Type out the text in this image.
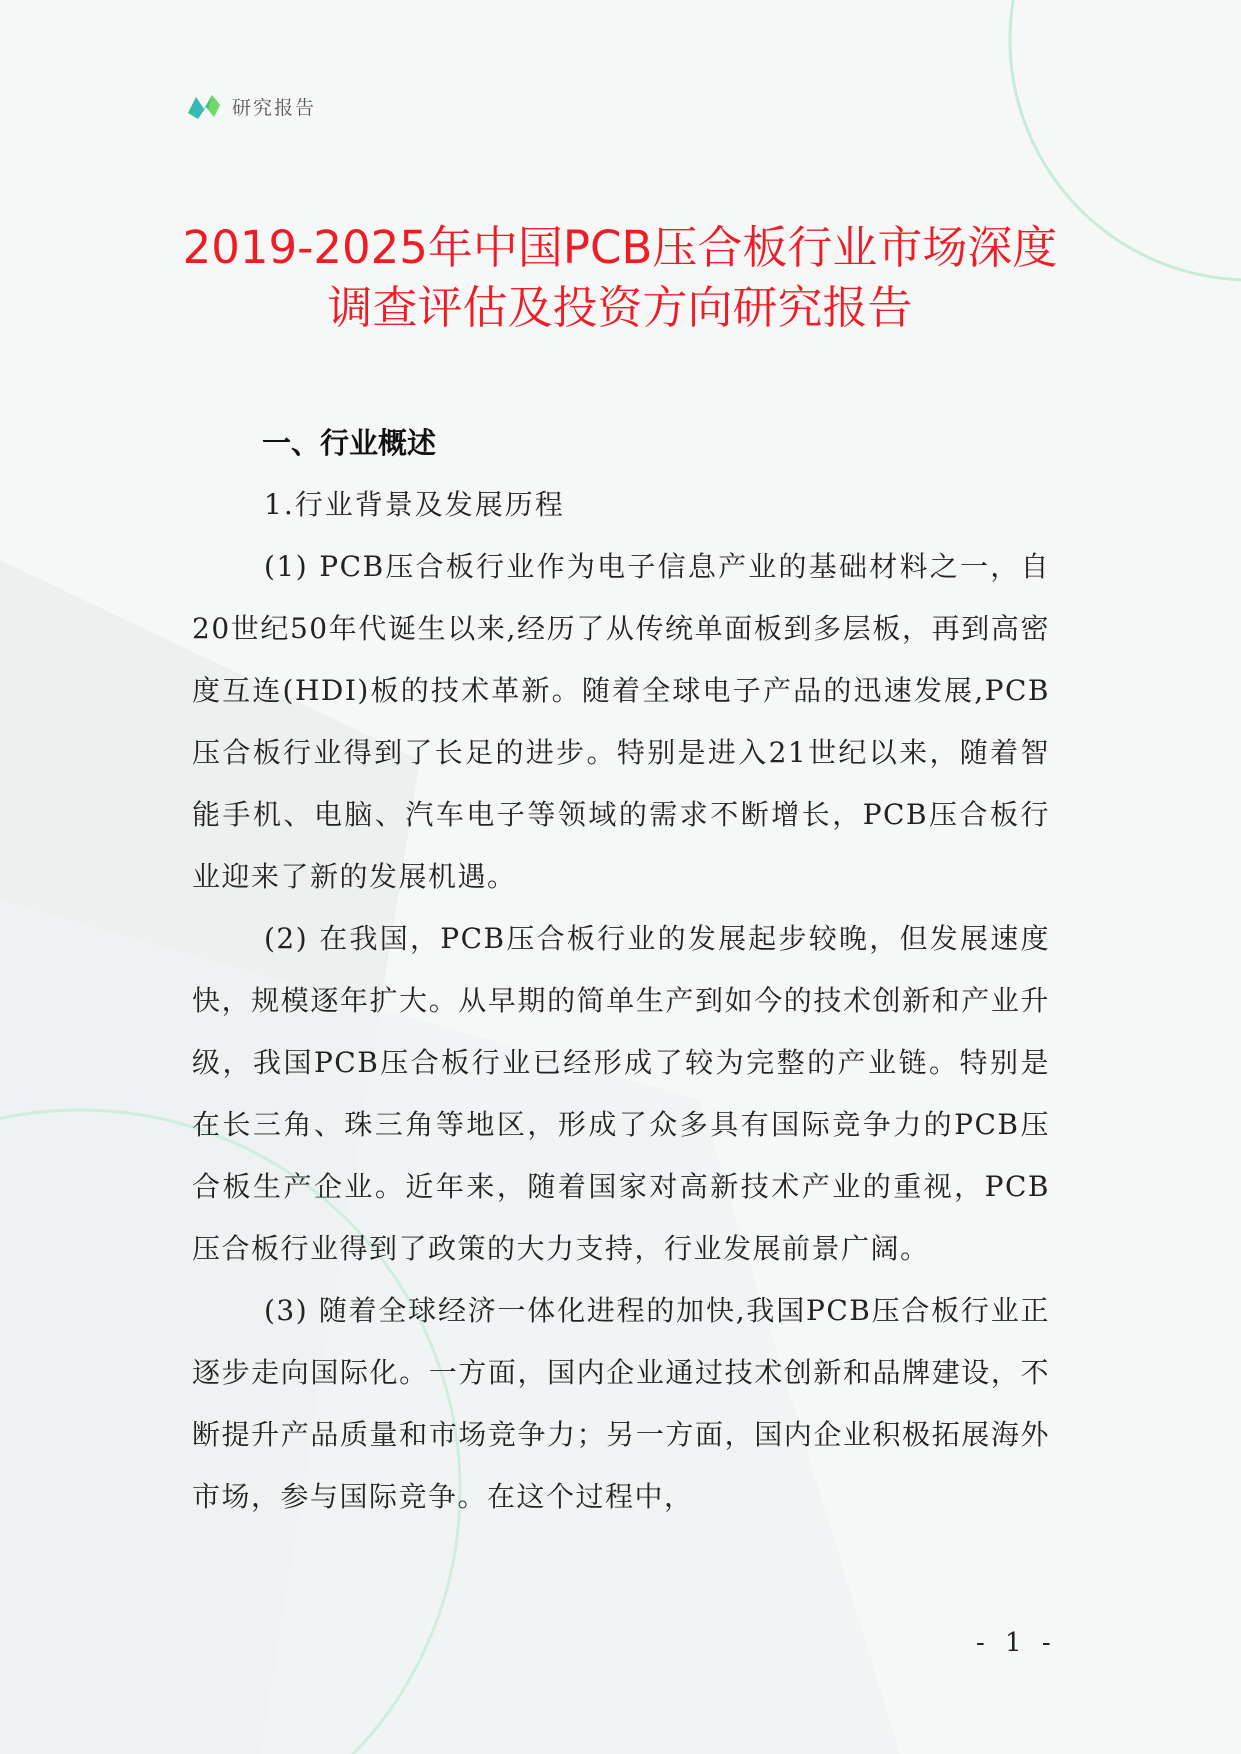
研究报告
2019-2025年中国PCB压合板行业市场深度
调查评估及投资方向研究报告
一、行业概述
1.行业背景及发展历程

(1) PCB压合板行业作为电子信息产业的基础材料之一，自20世纪50年代诞生以来,经历了从传统单面板到多层板，再到高密度互连(HDI)板的技术革新。随着全球电子产品的迅速发展,PCB压合板行业得到了长足的进步。特别是进入21世纪以来，随着智能手机、电脑、汽车电子等领域的需求不断增长，PCB压合板行业迎来了新的发展机遇。

(2) 在我国，PCB压合板行业的发展起步较晚，但发展速度快，规模逐年扩大。从早期的简单生产到如今的技术创新和产业升级，我国PCB压合板行业已经形成了较为完整的产业链。特别是在长三角、珠三角等地区，形成了众多具有国际竞争力的PCB压合板生产企业。近年来，随着国家对高新技术产业的重视，PCB压合板行业得到了政策的大力支持，行业发展前景广阔。

(3) 随着全球经济一体化进程的加快,我国PCB压合板行业正逐步走向国际化。一方面，国内企业通过技术创新和品牌建设，不断提升产品质量和市场竞争力；另一方面，国内企业积极拓展海外市场，参与国际竞争。在这个过程中，

- 1 -
